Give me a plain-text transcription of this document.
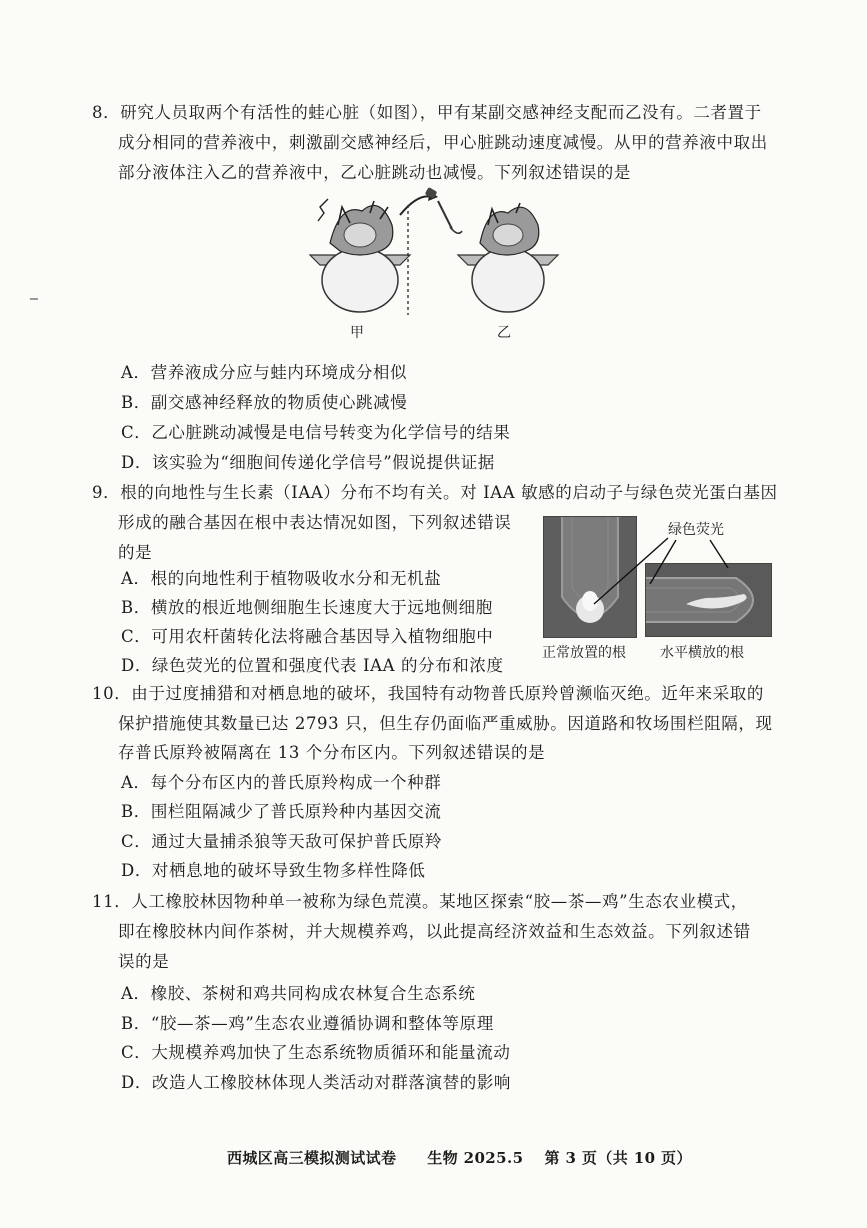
8．研究人员取两个有活性的蛙心脏（如图），甲有某副交感神经支配而乙没有。二者置于
成分相同的营养液中，刺激副交感神经后，甲心脏跳动速度减慢。从甲的营养液中取出
部分液体注入乙的营养液中，乙心脏跳动也减慢。下列叙述错误的是
甲	乙
A．营养液成分应与蛙内环境成分相似
B．副交感神经释放的物质使心跳减慢
C．乙心脏跳动减慢是电信号转变为化学信号的结果
D．该实验为“细胞间传递化学信号”假说提供证据
9．根的向地性与生长素（IAA）分布不均有关。对 IAA 敏感的启动子与绿色荧光蛋白基因
形成的融合基因在根中表达情况如图，下列叙述错误
的是
A．根的向地性利于植物吸收水分和无机盐
B．横放的根近地侧细胞生长速度大于远地侧细胞
C．可用农杆菌转化法将融合基因导入植物细胞中
D．绿色荧光的位置和强度代表 IAA 的分布和浓度
绿色荧光
正常放置的根 水平横放的根
10．由于过度捕猎和对栖息地的破坏，我国特有动物普氏原羚曾濒临灭绝。近年来采取的
保护措施使其数量已达 2793 只，但生存仍面临严重威胁。因道路和牧场围栏阻隔，现
存普氏原羚被隔离在 13 个分布区内。下列叙述错误的是
A．每个分布区内的普氏原羚构成一个种群
B．围栏阻隔减少了普氏原羚种内基因交流
C．通过大量捕杀狼等天敌可保护普氏原羚
D．对栖息地的破坏导致生物多样性降低
11．人工橡胶林因物种单一被称为绿色荒漠。某地区探索“胶—茶—鸡”生态农业模式，
即在橡胶林内间作茶树，并大规模养鸡，以此提高经济效益和生态效益。下列叙述错
误的是
A．橡胶、茶树和鸡共同构成农林复合生态系统
B．“胶—茶—鸡”生态农业遵循协调和整体等原理
C．大规模养鸡加快了生态系统物质循环和能量流动
D．改造人工橡胶林体现人类活动对群落演替的影响
西城区高三模拟测试试卷　　生物 2025.5　 第 3 页（共 10 页）
